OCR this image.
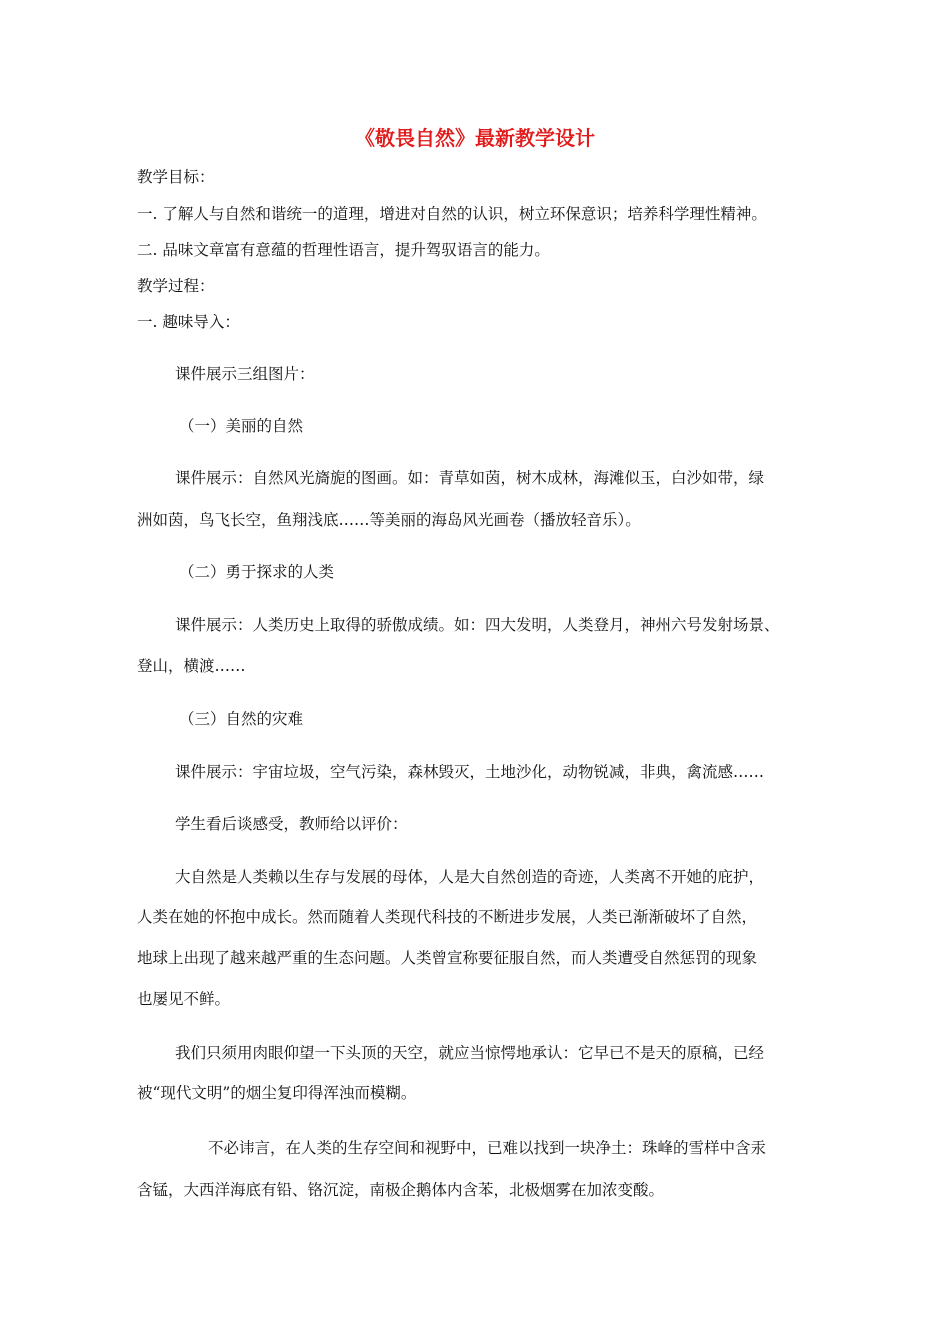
《敬畏自然》最新教学设计
教学目标：
一. 了解人与自然和谐统一的道理，增进对自然的认识，树立环保意识；培养科学理性精神。
二. 品味文章富有意蕴的哲理性语言，提升驾驭语言的能力。
教学过程：
一. 趣味导入：
课件展示三组图片：
（一）美丽的自然
课件展示：自然风光旖旎的图画。如：青草如茵，树木成林，海滩似玉，白沙如带，绿
洲如茵，鸟飞长空，鱼翔浅底……等美丽的海岛风光画卷（播放轻音乐）。
（二）勇于探求的人类
课件展示：人类历史上取得的骄傲成绩。如：四大发明，人类登月，神州六号发射场景、
登山，横渡……
（三）自然的灾难
课件展示：宇宙垃圾，空气污染，森林毁灭，土地沙化，动物锐减，非典，禽流感……
学生看后谈感受，教师给以评价：
大自然是人类赖以生存与发展的母体，人是大自然创造的奇迹，人类离不开她的庇护，
人类在她的怀抱中成长。然而随着人类现代科技的不断进步发展，人类已渐渐破坏了自然，
地球上出现了越来越严重的生态问题。人类曾宣称要征服自然，而人类遭受自然惩罚的现象
也屡见不鲜。
我们只须用肉眼仰望一下头顶的天空，就应当惊愕地承认：它早已不是天的原稿，已经
被“现代文明”的烟尘复印得浑浊而模糊。
不必讳言，在人类的生存空间和视野中，已难以找到一块净土：珠峰的雪样中含汞
含锰，大西洋海底有铅、铬沉淀，南极企鹅体内含苯，北极烟雾在加浓变酸。
